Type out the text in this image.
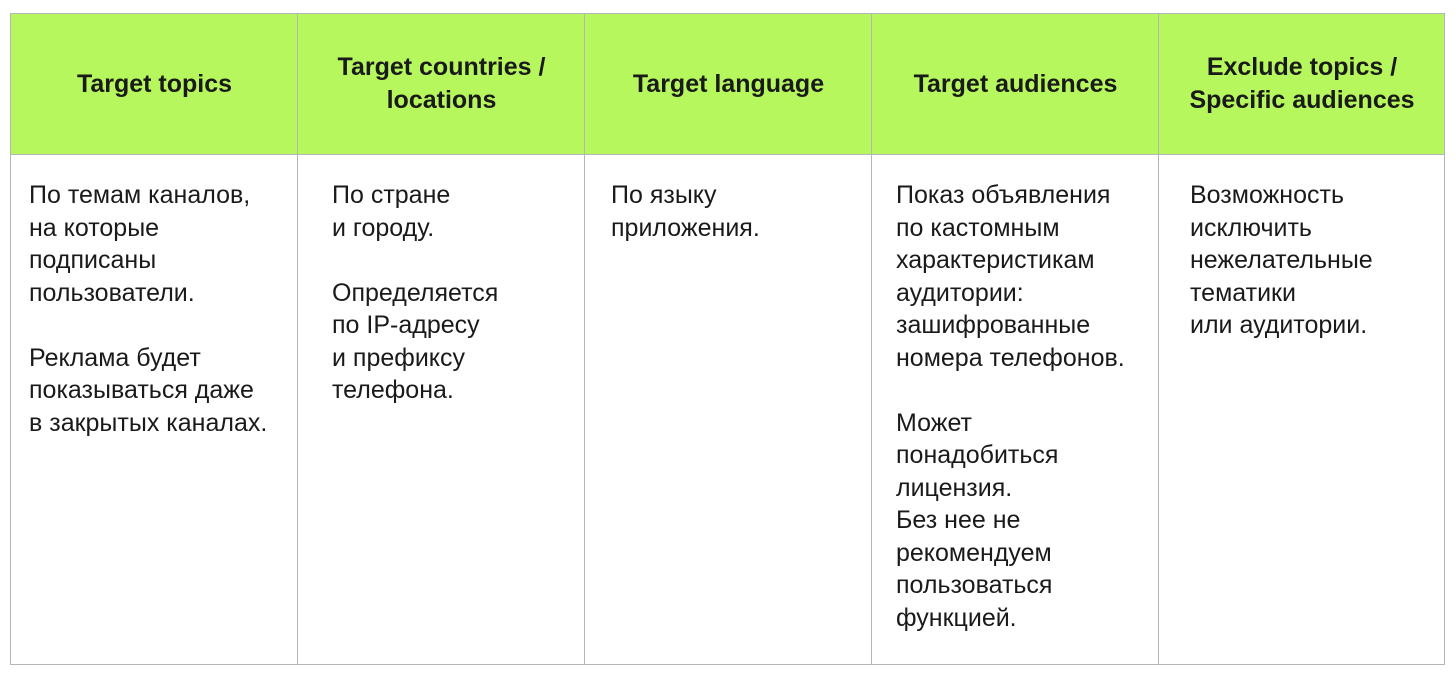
Target topics
Target countries /
locations
Target language	Target audiences
Exclude topics /
Specific audiences
По темам каналов,
на которые
подписаны
пользователи.

Реклама будет
показываться даже
в закрытых каналах.
По стране
и городу.

Определяется
по IP-адресу
и префиксу
телефона.
По языку
приложения.
Показ объявления
по кастомным
характеристикам
аудитории:
зашифрованные
номера телефонов.

Может
понадобиться
лицензия.
Без нее не
рекомендуем
пользоваться
функцией.
Возможность
исключить
нежелательные
тематики
или аудитории.
